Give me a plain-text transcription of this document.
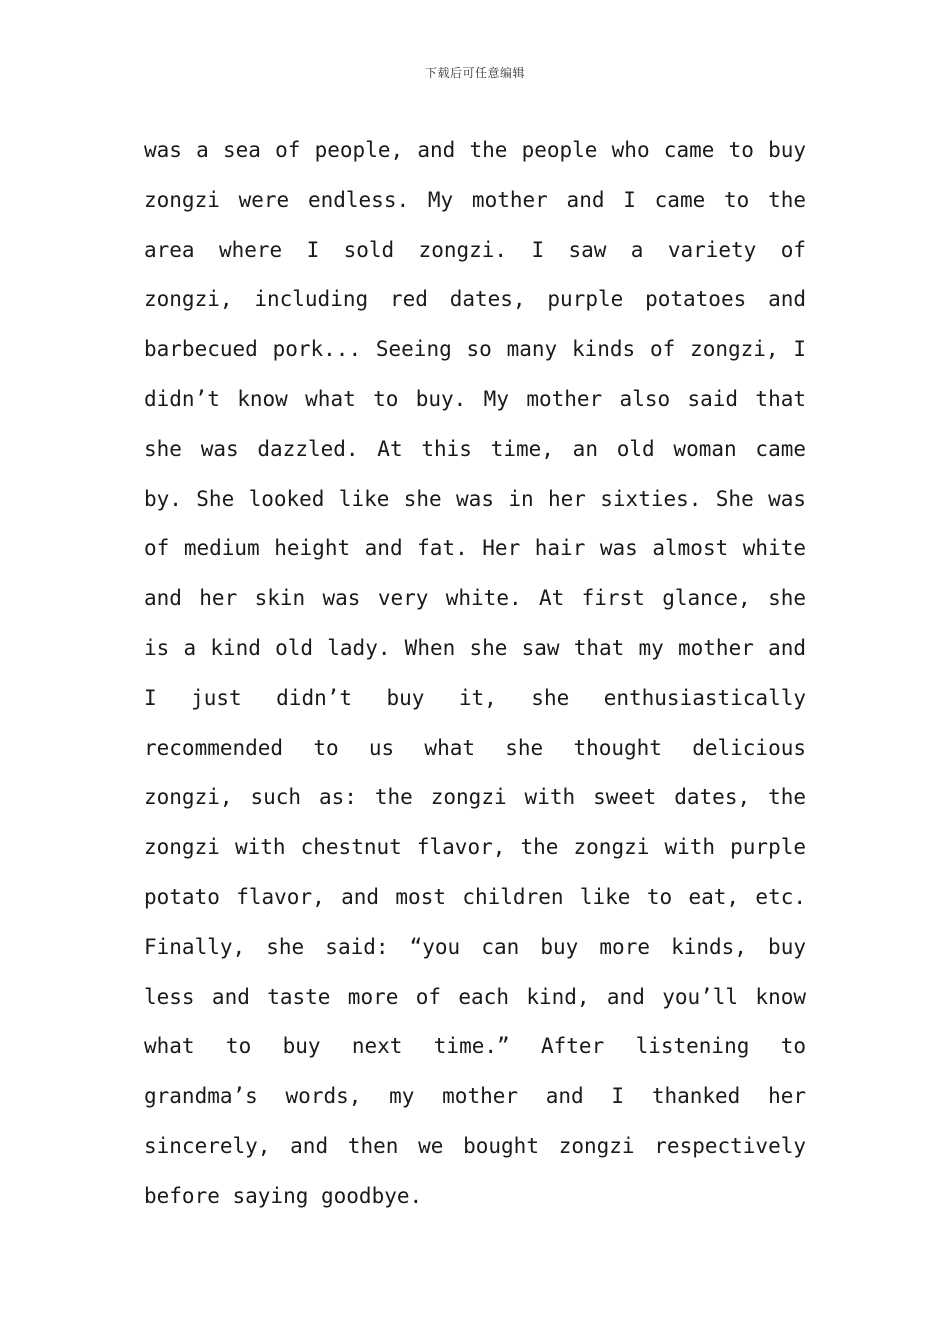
下载后可任意编辑
was a sea of people, and the people who came to buy
zongzi were endless. My mother and I came to the
area where I sold zongzi. I saw a variety of
zongzi, including red dates, purple potatoes and
barbecued pork... Seeing so many kinds of zongzi, I
didn’t know what to buy. My mother also said that
she was dazzled. At this time, an old woman came
by. She looked like she was in her sixties. She was
of medium height and fat. Her hair was almost white
and her skin was very white. At first glance, she
is a kind old lady. When she saw that my mother and
I just didn’t buy it, she enthusiastically
recommended to us what she thought delicious
zongzi, such as: the zongzi with sweet dates, the
zongzi with chestnut flavor, the zongzi with purple
potato flavor, and most children like to eat, etc.
Finally, she said: “you can buy more kinds, buy
less and taste more of each kind, and you’ll know
what to buy next time.” After listening to
grandma’s words, my mother and I thanked her
sincerely, and then we bought zongzi respectively
before saying goodbye.
